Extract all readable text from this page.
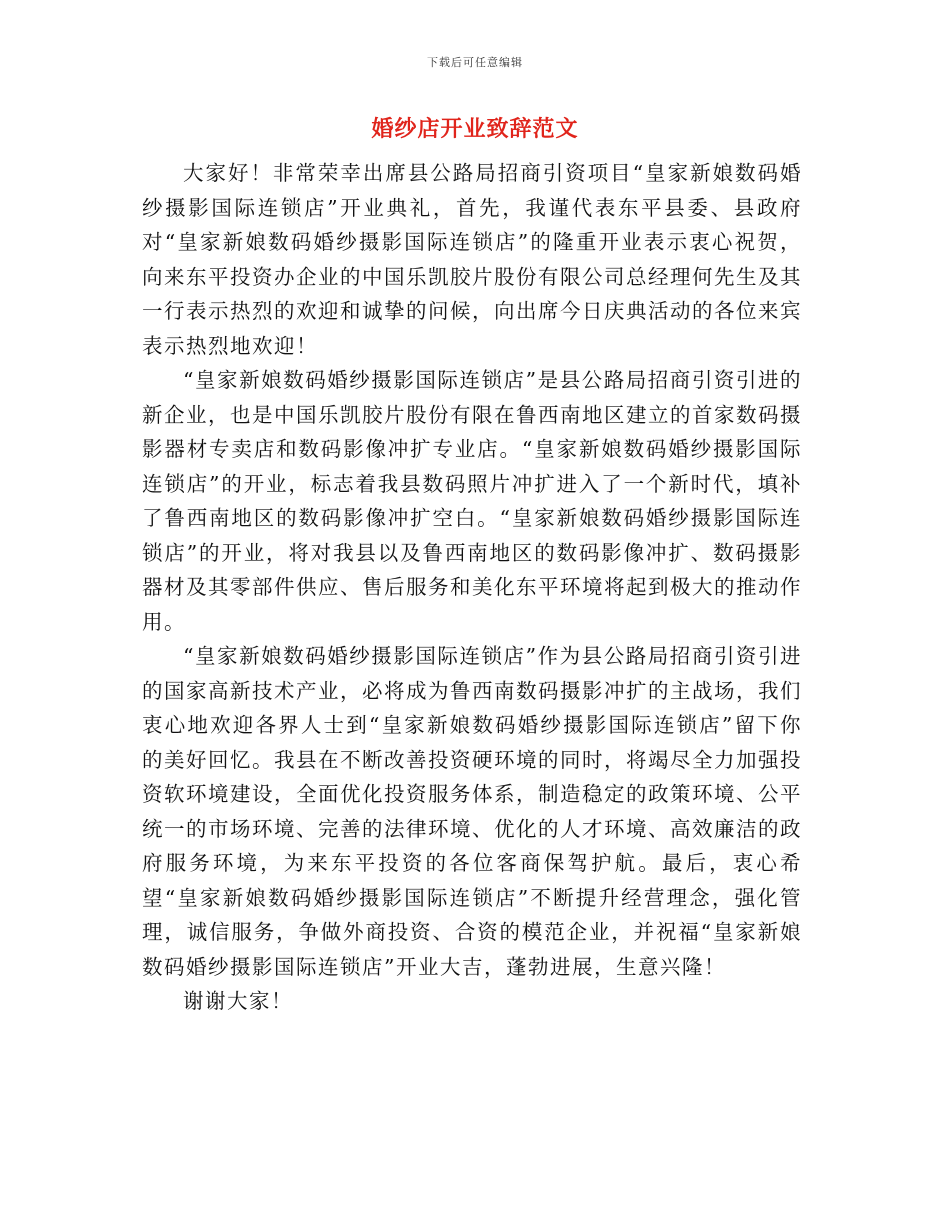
下载后可任意编辑
婚纱店开业致辞范文

大家好！非常荣幸出席县公路局招商引资项目“皇家新娘数码婚纱摄影国际连锁店”开业典礼，首先，我谨代表东平县委、县政府对“皇家新娘数码婚纱摄影国际连锁店”的隆重开业表示衷心祝贺，向来东平投资办企业的中国乐凯胶片股份有限公司总经理何先生及其一行表示热烈的欢迎和诚挚的问候，向出席今日庆典活动的各位来宾表示热烈地欢迎！

“皇家新娘数码婚纱摄影国际连锁店”是县公路局招商引资引进的新企业，也是中国乐凯胶片股份有限在鲁西南地区建立的首家数码摄影器材专卖店和数码影像冲扩专业店。“皇家新娘数码婚纱摄影国际连锁店”的开业，标志着我县数码照片冲扩进入了一个新时代，填补了鲁西南地区的数码影像冲扩空白。“皇家新娘数码婚纱摄影国际连锁店”的开业，将对我县以及鲁西南地区的数码影像冲扩、数码摄影器材及其零部件供应、售后服务和美化东平环境将起到极大的推动作用。

“皇家新娘数码婚纱摄影国际连锁店”作为县公路局招商引资引进的国家高新技术产业，必将成为鲁西南数码摄影冲扩的主战场，我们衷心地欢迎各界人士到“皇家新娘数码婚纱摄影国际连锁店”留下你的美好回忆。我县在不断改善投资硬环境的同时，将竭尽全力加强投资软环境建设，全面优化投资服务体系，制造稳定的政策环境、公平统一的市场环境、完善的法律环境、优化的人才环境、高效廉洁的政府服务环境，为来东平投资的各位客商保驾护航。最后，衷心希望“皇家新娘数码婚纱摄影国际连锁店”不断提升经营理念，强化管理，诚信服务，争做外商投资、合资的模范企业，并祝福“皇家新娘数码婚纱摄影国际连锁店”开业大吉，蓬勃进展，生意兴隆！

谢谢大家！
